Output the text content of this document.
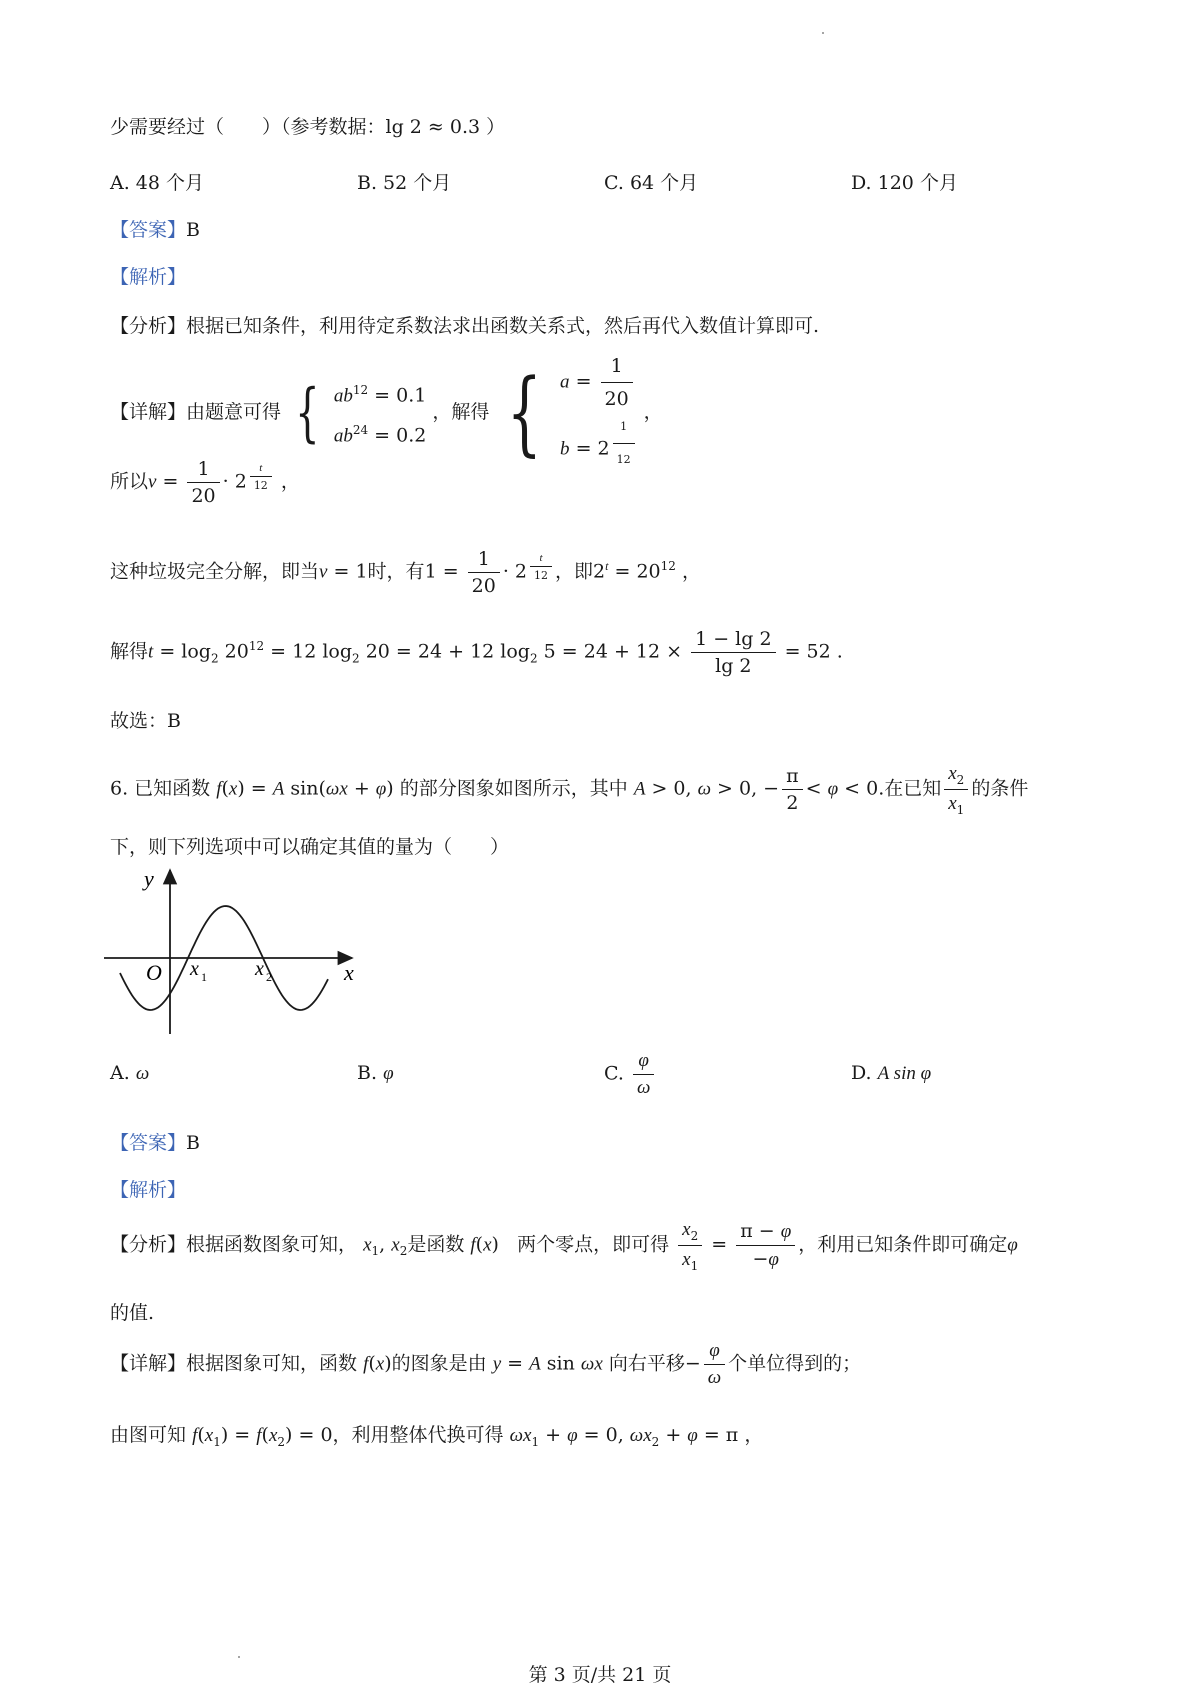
少需要经过（　　）（参考数据：lg 2 ≈ 0.3 ）
A. 48 个月	B. 52 个月	C. 64 个月	D. 120 个月
【答案】B
【解析】
【分析】根据已知条件，利用待定系数法求出函数关系式，然后再代入数值计算即可.
【详解】由题意可得 { $ab^{12} = 0.1$
$ab^{24} = 0.2$ ，解得 { $a = \frac{1}{20}$

b = 2 $^{\frac{1}{12}}$
，
所以$v = \frac{1}{20} \cdot 2$ $^{\frac{t}{12}}$ ，
这种垃圾完全分解，即当v = 1时，有$1 = \frac{1}{20} \cdot 2$ $^{\frac{t}{12}}$ ，即$2^t = 20^{12}$ ，
解得$t = \log_2 20^{12} = 12$ $\log_2 20 = 24 + 12$ $\log_2 5 = 24 + 12 \times \frac{1 - \lg 2}{\lg 2} = 52$ .
故选：B
6. 已知函数 f(x) = A sin(ωx + φ) 的部分图象如图所示，其中 A > 0, ω > 0, − $\frac{\pi}{2} < \varphi < 0$.在已知 $\frac{x_2}{x_1}$ 的条件
下，则下列选项中可以确定其值的量为（　　）
y
x
O x 1 x 2
A. ω	B. φ	C. $\frac{\varphi}{\omega}$	D. A sin φ
【答案】B
【解析】
【分析】根据函数图象可知， $x_1$, $x_2$是函数 f(x)   两个零点，即可得 $\frac{x_2}{x_1} = \frac{\pi - \varphi}{-\varphi}$ ，利用已知条件即可确定φ
的值.
【详解】根据图象可知，函数 f(x)的图象是由 y = A sin ωx 向右平移− $\frac{\varphi}{\omega}$ 个单位得到的；
由图可知 $f(x_1) = f(x_2) = 0$，利用整体代换可得 $\omega x_1 + \varphi = 0$, $\omega x_2 + \varphi = \pi$ ，
第 3 页/共 21 页
